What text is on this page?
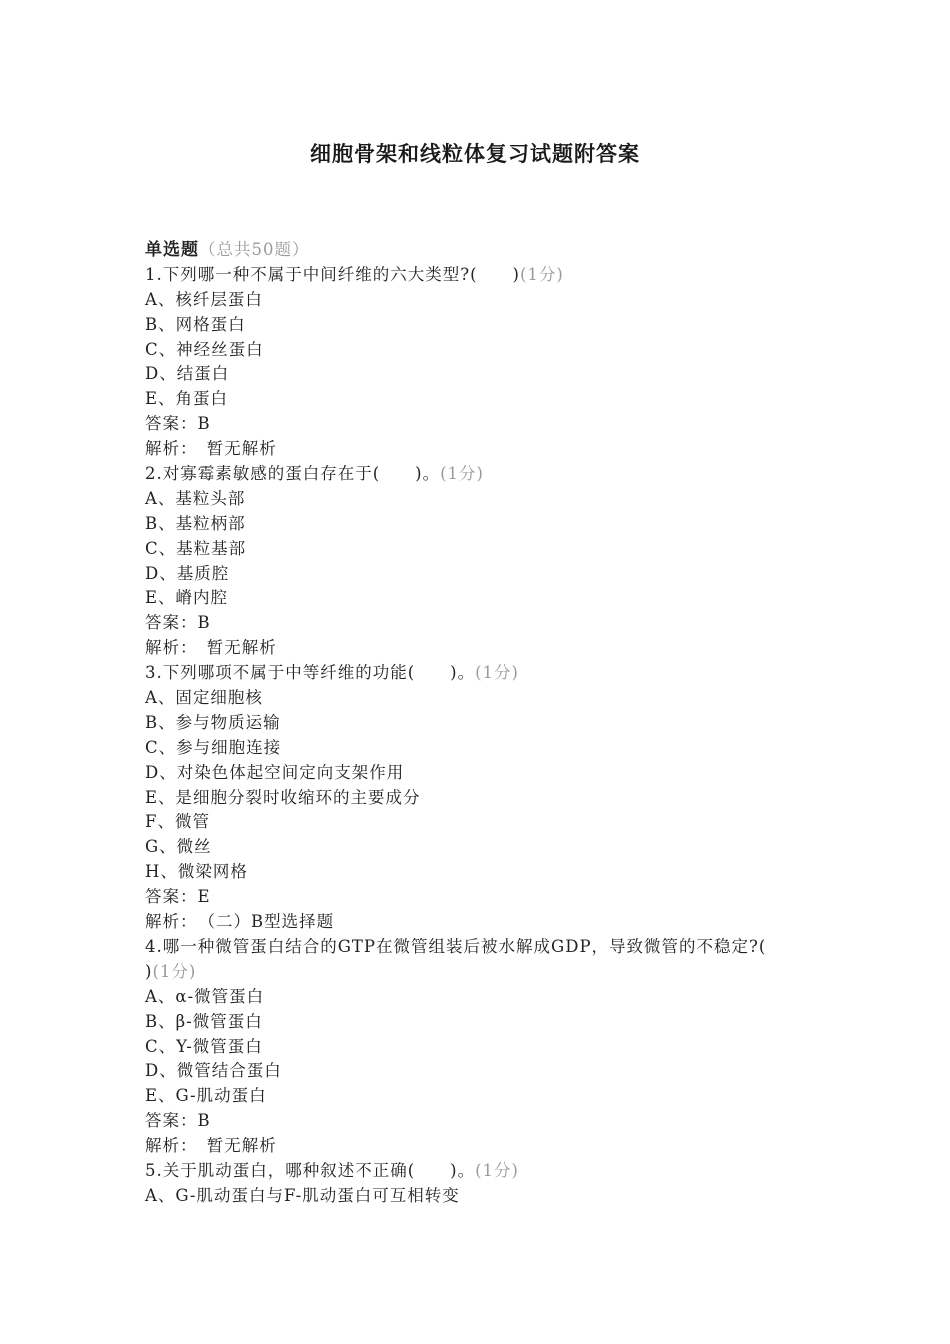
细胞骨架和线粒体复习试题附答案
单选题（总共50题）
1.下列哪一种不属于中间纤维的六大类型?(　　)(1分)
A、核纤层蛋白
B、网格蛋白
C、神经丝蛋白
D、结蛋白
E、角蛋白
答案：B
解析：　暂无解析
2.对寡霉素敏感的蛋白存在于(　　)。(1分)
A、基粒头部
B、基粒柄部
C、基粒基部
D、基质腔
E、嵴内腔
答案：B
解析：　暂无解析
3.下列哪项不属于中等纤维的功能(　　)。(1分)
A、固定细胞核
B、参与物质运输
C、参与细胞连接
D、对染色体起空间定向支架作用
E、是细胞分裂时收缩环的主要成分
F、微管
G、微丝
H、微梁网格
答案：E
解析：　（二）B型选择题
4.哪一种微管蛋白结合的GTP在微管组装后被水解成GDP，导致微管的不稳定?(
)(1分)
A、α-微管蛋白
B、β-微管蛋白
C、Y-微管蛋白
D、微管结合蛋白
E、G-肌动蛋白
答案：B
解析：　暂无解析
5.关于肌动蛋白，哪种叙述不正确(　　)。(1分)
A、G-肌动蛋白与F-肌动蛋白可互相转变
